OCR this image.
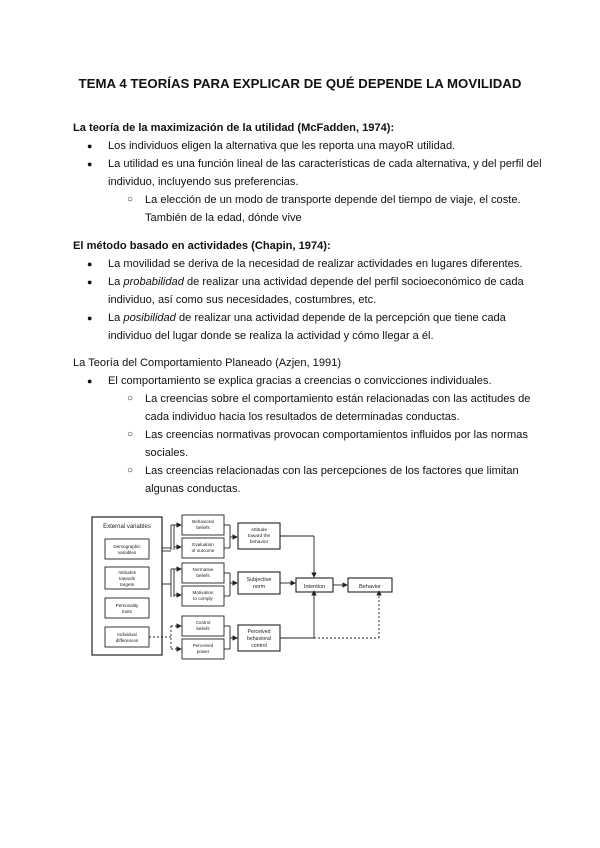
TEMA 4 TEORÍAS PARA EXPLICAR DE QUÉ DEPENDE LA MOVILIDAD

La teoría de la maximización de la utilidad (McFadden, 1974):

● Los individuos eligen la alternativa que les reporta una mayoR utilidad.
● La utilidad es una función lineal de las características de cada alternativa, y del perfil del individuo, incluyendo sus preferencias.
○ La elección de un modo de transporte depende del tiempo de viaje, el coste. También de la edad, dónde vive

El método basado en actividades (Chapin, 1974):

● La movilidad se deriva de la necesidad de realizar actividades en lugares diferentes.
● La probabilidad de realizar una actividad depende del perfil socioeconómico de cada individuo, así como sus necesidades, costumbres, etc.
● La posibilidad de realizar una actividad depende de la percepción que tiene cada individuo del lugar donde se realiza la actividad y cómo llegar a él.

La Teoría del Comportamiento Planeado (Azjen, 1991)

● El comportamiento se explica gracias a creencias o convicciones individuales.
○ La creencias sobre el comportamiento están relacionadas con las actitudes de cada individuo hacia los resultados de determinadas conductas.
○ Las creencias normativas provocan comportamientos influidos por las normas sociales.
○ Las creencias relacionadas con las percepciones de los factores que limitan algunas conductas.
External variables
Demographic
variables
Attitudes
towards
targets
Personality
traits
Individual
differences
Behavioral
beliefs
Evaluation
of outcome
Normative
beliefs
Motivation
to comply
Control
beliefs
Perceived
power
Attitude
toward the
behavior
Subjective
norm
Perceived
behavioral
control
Intention	Behavior
